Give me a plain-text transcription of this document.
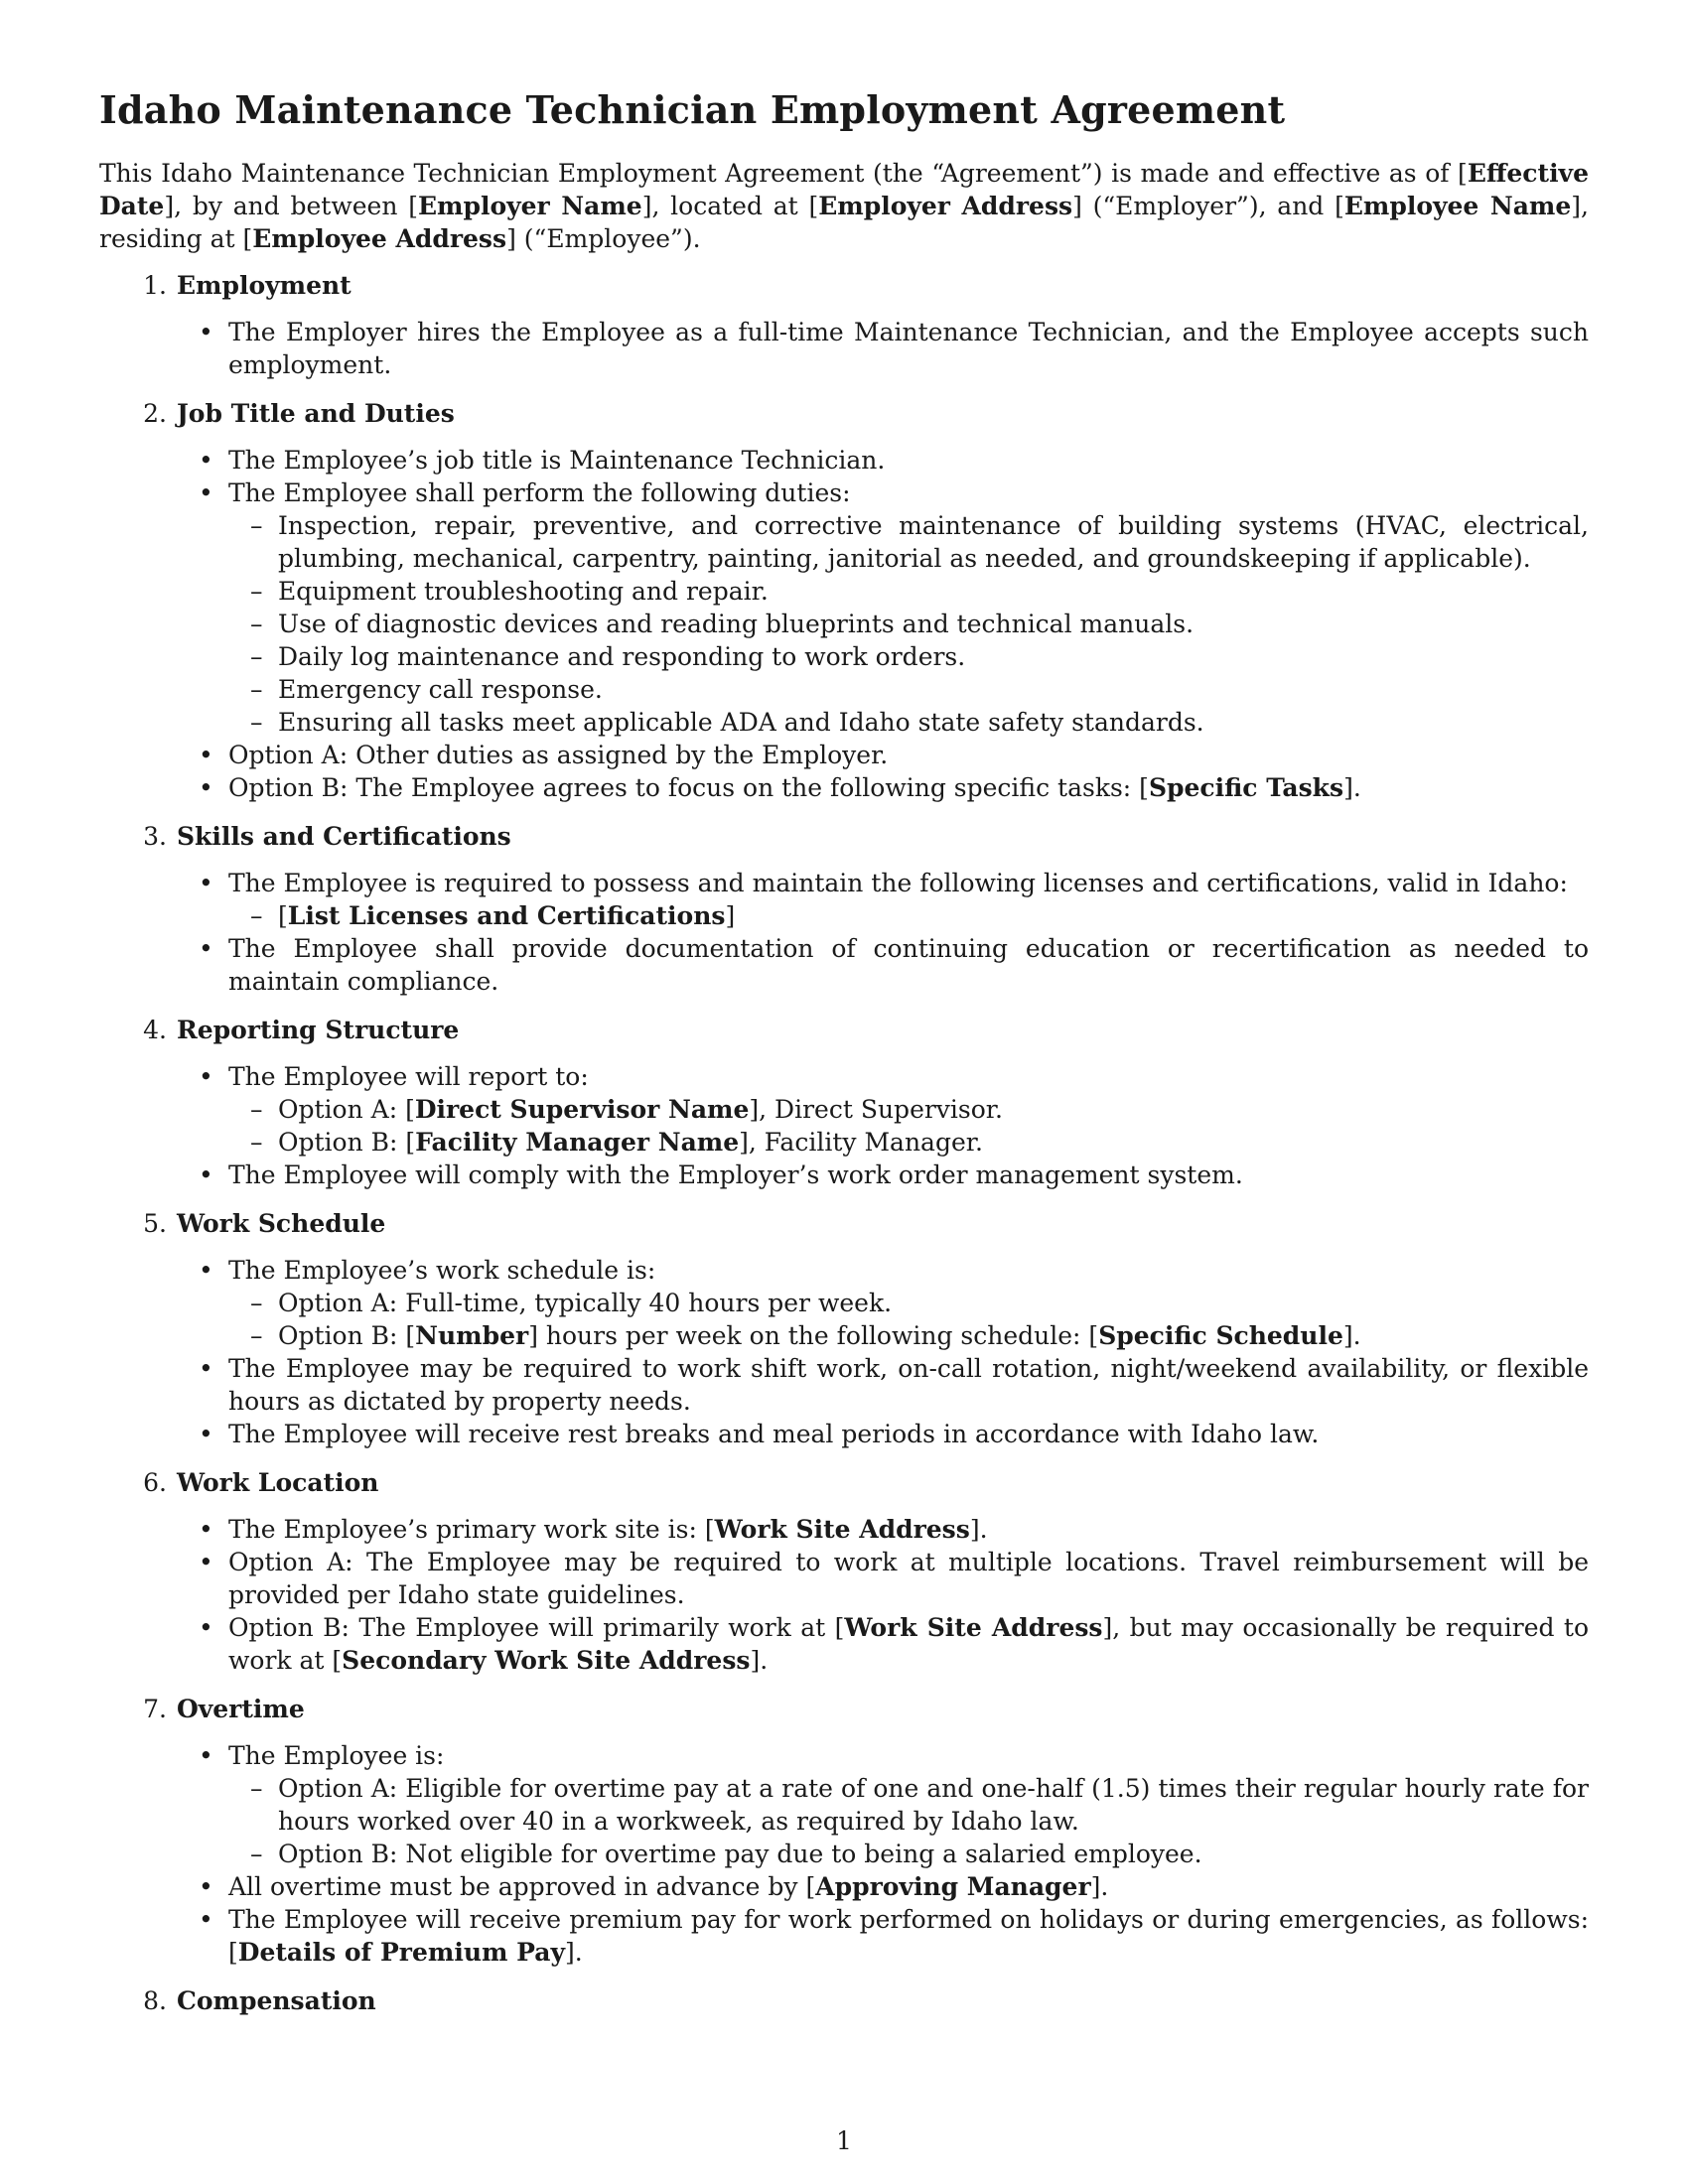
Idaho Maintenance Technician Employment Agreement

This Idaho Maintenance Technician Employment Agreement (the “Agreement”) is made and effective as of [Effective Date], by and between [Employer Name], located at [Employer Address] (“Employer”), and [Employee Name], residing at [Employee Address] (“Employee”).

1.
Employment
• The Employer hires the Employee as a full-time Maintenance Technician, and the Employee accepts such employment.
2.
Job Title and Duties
• The Employee’s job title is Maintenance Technician.
• The Employee shall perform the following duties:
– Inspection, repair, preventive, and corrective maintenance of building systems (HVAC, electrical, plumbing, mechanical, carpentry, painting, janitorial as needed, and groundskeeping if applicable).
– Equipment troubleshooting and repair.
– Use of diagnostic devices and reading blueprints and technical manuals.
– Daily log maintenance and responding to work orders.
– Emergency call response.
– Ensuring all tasks meet applicable ADA and Idaho state safety standards.
• Option A: Other duties as assigned by the Employer.
• Option B: The Employee agrees to focus on the following specific tasks: [Specific Tasks].
3.
Skills and Certifications
• The Employee is required to possess and maintain the following licenses and certifications, valid in Idaho:
– [List Licenses and Certifications]
• The Employee shall provide documentation of continuing education or recertification as needed to maintain compliance.
4.
Reporting Structure
• The Employee will report to:
– Option A: [Direct Supervisor Name], Direct Supervisor.
– Option B: [Facility Manager Name], Facility Manager.
• The Employee will comply with the Employer’s work order management system.
5.
Work Schedule
• The Employee’s work schedule is:
– Option A: Full-time, typically 40 hours per week.
– Option B: [Number] hours per week on the following schedule: [Specific Schedule].
• The Employee may be required to work shift work, on-call rotation, night/weekend availability, or flexible hours as dictated by property needs.
• The Employee will receive rest breaks and meal periods in accordance with Idaho law.
6.
Work Location
• The Employee’s primary work site is: [Work Site Address].
• Option A: The Employee may be required to work at multiple locations. Travel reimbursement will be provided per Idaho state guidelines.
• Option B: The Employee will primarily work at [Work Site Address], but may occasionally be required to work at [Secondary Work Site Address].
7.
Overtime
• The Employee is:
– Option A: Eligible for overtime pay at a rate of one and one-half (1.5) times their regular hourly rate for hours worked over 40 in a workweek, as required by Idaho law.
– Option B: Not eligible for overtime pay due to being a salaried employee.
• All overtime must be approved in advance by [Approving Manager].
• The Employee will receive premium pay for work performed on holidays or during emergencies, as follows: [Details of Premium Pay].
8.
Compensation
1
